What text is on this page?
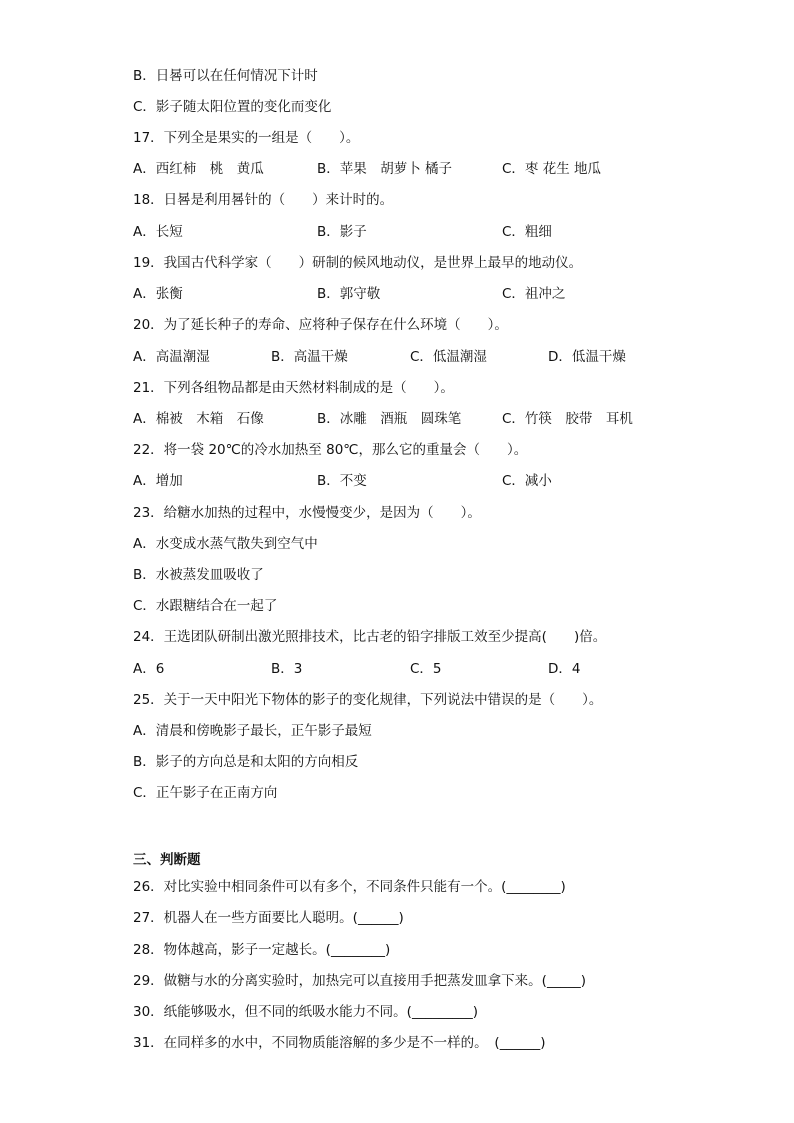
B．日晷可以在任何情况下计时
C．影子随太阳位置的变化而变化
17．下列全是果实的一组是（　　）。
A．西红柿　桃　黄瓜	B．苹果　胡萝卜 橘子	C．枣 花生 地瓜
18．日晷是利用晷针的（　　）来计时的。
A．长短	B．影子	C．粗细
19．我国古代科学家（　　）研制的候风地动仪，是世界上最早的地动仪。
A．张衡	B．郭守敬	C．祖冲之
20．为了延长种子的寿命、应将种子保存在什么环境（　　）。
A．高温潮湿	B．高温干燥	C．低温潮湿	D．低温干燥
21．下列各组物品都是由天然材料制成的是（　　）。
A．棉被　木箱　石像	B．冰雕　酒瓶　圆珠笔	C．竹筷　胶带　耳机
22．将一袋 20℃的冷水加热至 80℃，那么它的重量会（　　）。
A．增加	B．不变	C．减小
23．给糖水加热的过程中，水慢慢变少，是因为（　　）。
A．水变成水蒸气散失到空气中
B．水被蒸发皿吸收了
C．水跟糖结合在一起了
24．王选团队研制出激光照排技术，比古老的铅字排版工效至少提高(　　)倍。
A．6	B．3	C．5	D．4
25．关于一天中阳光下物体的影子的变化规律，下列说法中错误的是（　　）。
A．清晨和傍晚影子最长，正午影子最短
B．影子的方向总是和太阳的方向相反
C．正午影子在正南方向
三、判断题
26．对比实验中相同条件可以有多个，不同条件只能有一个。(________)
27．机器人在一些方面要比人聪明。(______)
28．物体越高，影子一定越长。(________)
29．做糖与水的分离实验时，加热完可以直接用手把蒸发皿拿下来。(_____)
30．纸能够吸水，但不同的纸吸水能力不同。(_________)
31．在同样多的水中，不同物质能溶解的多少是不一样的。　(______)
